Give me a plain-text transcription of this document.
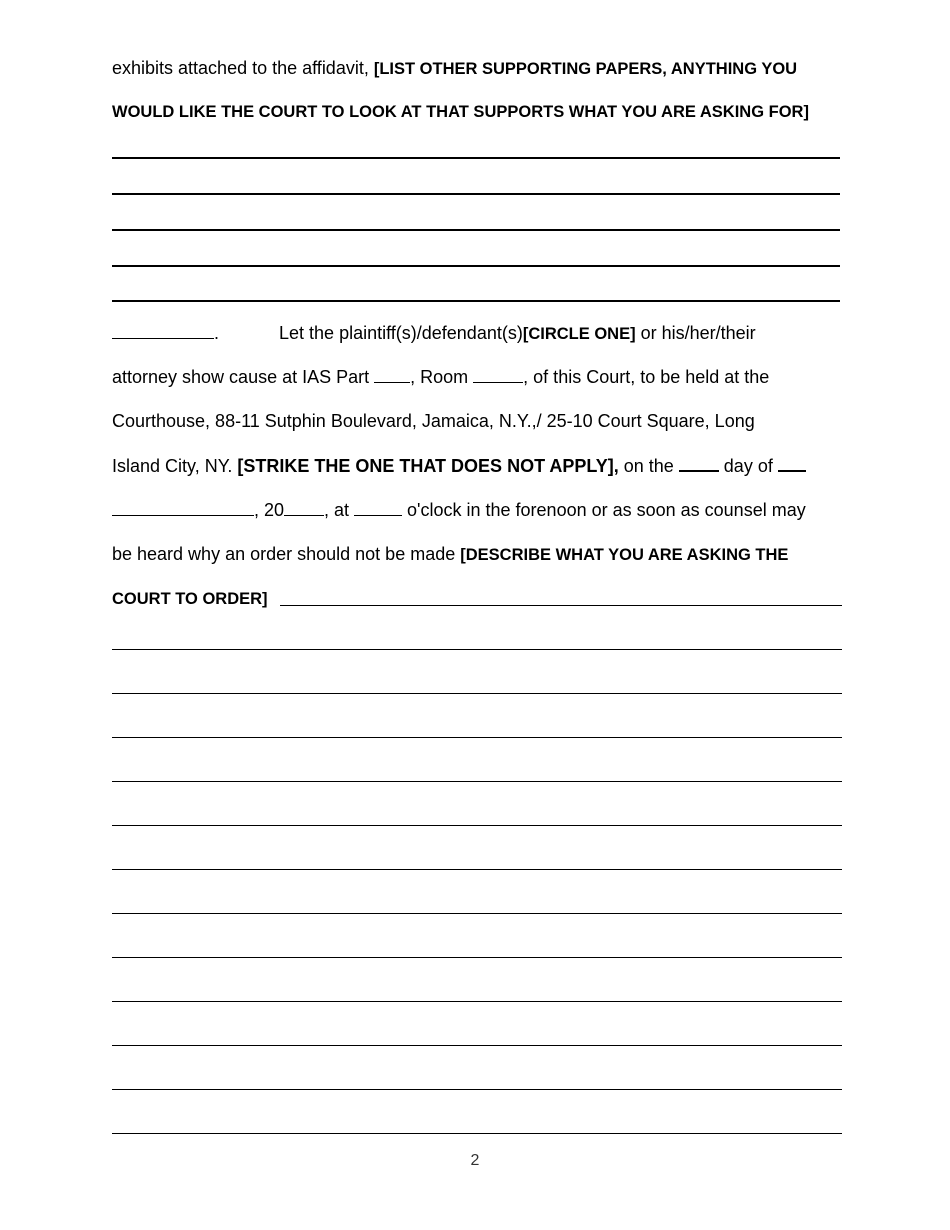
exhibits attached to the affidavit, [LIST OTHER SUPPORTING PAPERS, ANYTHING YOU
WOULD LIKE THE COURT TO LOOK AT THAT SUPPORTS WHAT YOU ARE ASKING FOR]
.	Let the plaintiff(s)/defendant(s)[CIRCLE ONE] or his/her/their
attorney show cause at IAS Part , Room	, of this Court, to be held at the
Courthouse, 88-11 Sutphin Boulevard, Jamaica, N.Y.,/ 25-10 Court Square, Long
Island City, NY. [STRIKE THE ONE THAT DOES NOT APPLY], on the  day of
, 20 , at	o'clock in the forenoon or as soon as counsel may
be heard why an order should not be made [DESCRIBE WHAT YOU ARE ASKING THE
COURT TO ORDER]
2
